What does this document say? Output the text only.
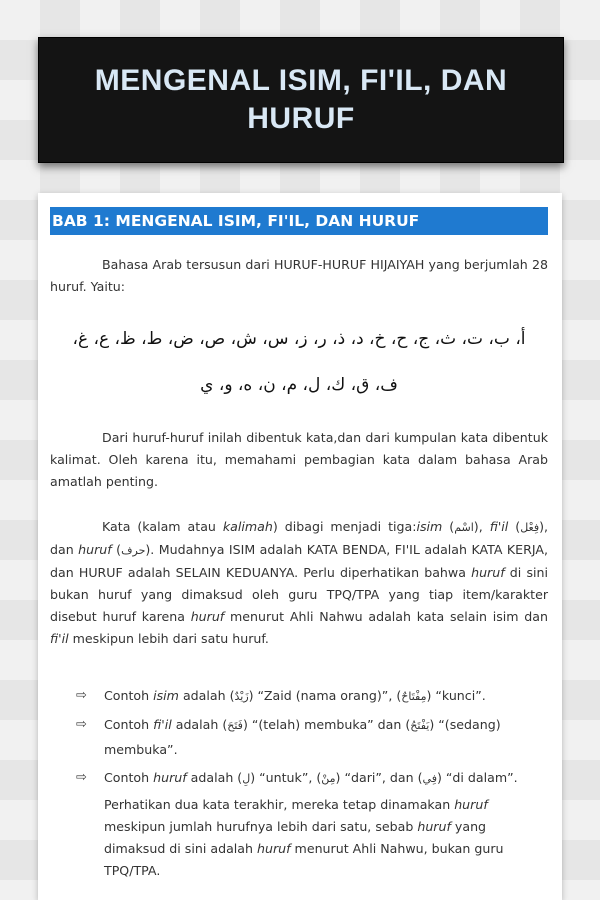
MENGENAL ISIM, FI'IL, DAN HURUF
BAB 1: MENGENAL ISIM, FI'IL, DAN HURUF

Bahasa Arab tersusun dari HURUF-HURUF HIJAIYAH yang berjumlah 28 huruf. Yaitu:

أ، ب، ت، ث، ج، ح، خ، د، ذ، ر، ز، س، ش، ص، ض، ط، ظ، ع، غ،

ف، ق، ك، ل، م، ن، ه، و، ي

Dari huruf-huruf inilah dibentuk kata,dan dari kumpulan kata dibentuk kalimat. Oleh karena itu, memahami pembagian kata dalam bahasa Arab amatlah penting.

Kata (kalam atau kalimah) dibagi menjadi tiga:isim (اسْم), fi'il (فِعْل), dan huruf (حرف). Mudahnya ISIM adalah KATA BENDA, FI'IL adalah KATA KERJA, dan HURUF adalah SELAIN KEDUANYA. Perlu diperhatikan bahwa huruf di sini bukan huruf yang dimaksud oleh guru TPQ/TPA yang tiap item/karakter disebut huruf karena huruf menurut Ahli Nahwu adalah kata selain isim dan fi'il meskipun lebih dari satu huruf.

⇨ Contoh isim adalah (زَيْدٌ) “Zaid (nama orang)”, (مِفْتَاحٌ) “kunci”.
⇨ Contoh fi'il adalah (فَتَحَ) “(telah) membuka” dan (يَفْتَحُ) “(sedang) membuka”.
⇨ Contoh huruf adalah (لِ) “untuk”, (مِنْ) “dari”, dan (فِي) “di dalam”.

Perhatikan dua kata terakhir, mereka tetap dinamakan huruf meskipun jumlah hurufnya lebih dari satu, sebab huruf yang dimaksud di sini adalah huruf menurut Ahli Nahwu, bukan guru TPQ/TPA.
